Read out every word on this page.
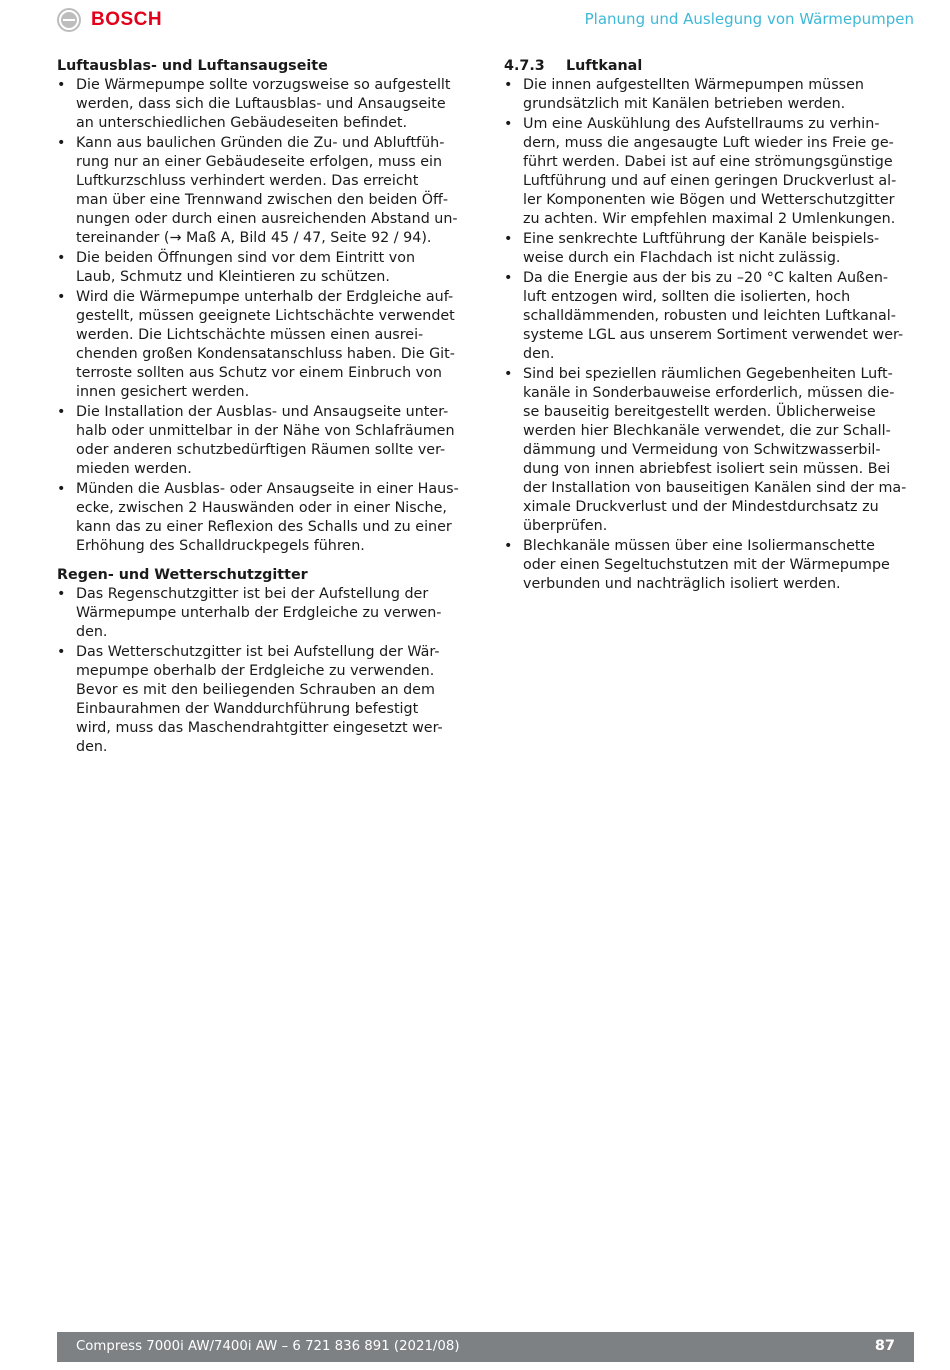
BOSCH	Planung und Auslegung von Wärmepumpen
Luftausblas- und Luftansaugseite
• Die Wärmepumpe sollte vorzugsweise so aufgestellt
werden, dass sich die Luftausblas- und Ansaugseite
an unterschiedlichen Gebäudeseiten befindet.
• Kann aus baulichen Gründen die Zu- und Abluftfüh-
rung nur an einer Gebäudeseite erfolgen, muss ein
Luftkurzschluss verhindert werden. Das erreicht
man über eine Trennwand zwischen den beiden Öff-
nungen oder durch einen ausreichenden Abstand un-
tereinander (→ Maß A, Bild 45 / 47, Seite 92 / 94).
• Die beiden Öffnungen sind vor dem Eintritt von
Laub, Schmutz und Kleintieren zu schützen.
• Wird die Wärmepumpe unterhalb der Erdgleiche auf-
gestellt, müssen geeignete Lichtschächte verwendet
werden. Die Lichtschächte müssen einen ausrei-
chenden großen Kondensatanschluss haben. Die Git-
terroste sollten aus Schutz vor einem Einbruch von
innen gesichert werden.
• Die Installation der Ausblas- und Ansaugseite unter-
halb oder unmittelbar in der Nähe von Schlafräumen
oder anderen schutzbedürftigen Räumen sollte ver-
mieden werden.
• Münden die Ausblas- oder Ansaugseite in einer Haus-
ecke, zwischen 2 Hauswänden oder in einer Nische,
kann das zu einer Reflexion des Schalls und zu einer
Erhöhung des Schalldruckpegels führen.
Regen- und Wetterschutzgitter
• Das Regenschutzgitter ist bei der Aufstellung der
Wärmepumpe unterhalb der Erdgleiche zu verwen-
den.
• Das Wetterschutzgitter ist bei Aufstellung der Wär-
mepumpe oberhalb der Erdgleiche zu verwenden.
Bevor es mit den beiliegenden Schrauben an dem
Einbaurahmen der Wanddurchführung befestigt
wird, muss das Maschendrahtgitter eingesetzt wer-
den.
4.7.3 Luftkanal
• Die innen aufgestellten Wärmepumpen müssen
grundsätzlich mit Kanälen betrieben werden.
• Um eine Auskühlung des Aufstellraums zu verhin-
dern, muss die angesaugte Luft wieder ins Freie ge-
führt werden. Dabei ist auf eine strömungsgünstige
Luftführung und auf einen geringen Druckverlust al-
ler Komponenten wie Bögen und Wetterschutzgitter
zu achten. Wir empfehlen maximal 2 Umlenkungen.
• Eine senkrechte Luftführung der Kanäle beispiels-
weise durch ein Flachdach ist nicht zulässig.
• Da die Energie aus der bis zu –20 °C kalten Außen-
luft entzogen wird, sollten die isolierten, hoch
schalldämmenden, robusten und leichten Luftkanal-
systeme LGL aus unserem Sortiment verwendet wer-
den.
• Sind bei speziellen räumlichen Gegebenheiten Luft-
kanäle in Sonderbauweise erforderlich, müssen die-
se bauseitig bereitgestellt werden. Üblicherweise
werden hier Blechkanäle verwendet, die zur Schall-
dämmung und Vermeidung von Schwitzwasserbil-
dung von innen abriebfest isoliert sein müssen. Bei
der Installation von bauseitigen Kanälen sind der ma-
ximale Druckverlust und der Mindestdurchsatz zu
überprüfen.
• Blechkanäle müssen über eine Isoliermanschette
oder einen Segeltuchstutzen mit der Wärmepumpe
verbunden und nachträglich isoliert werden.
Compress 7000i AW/7400i AW – 6 721 836 891 (2021/08)	87
